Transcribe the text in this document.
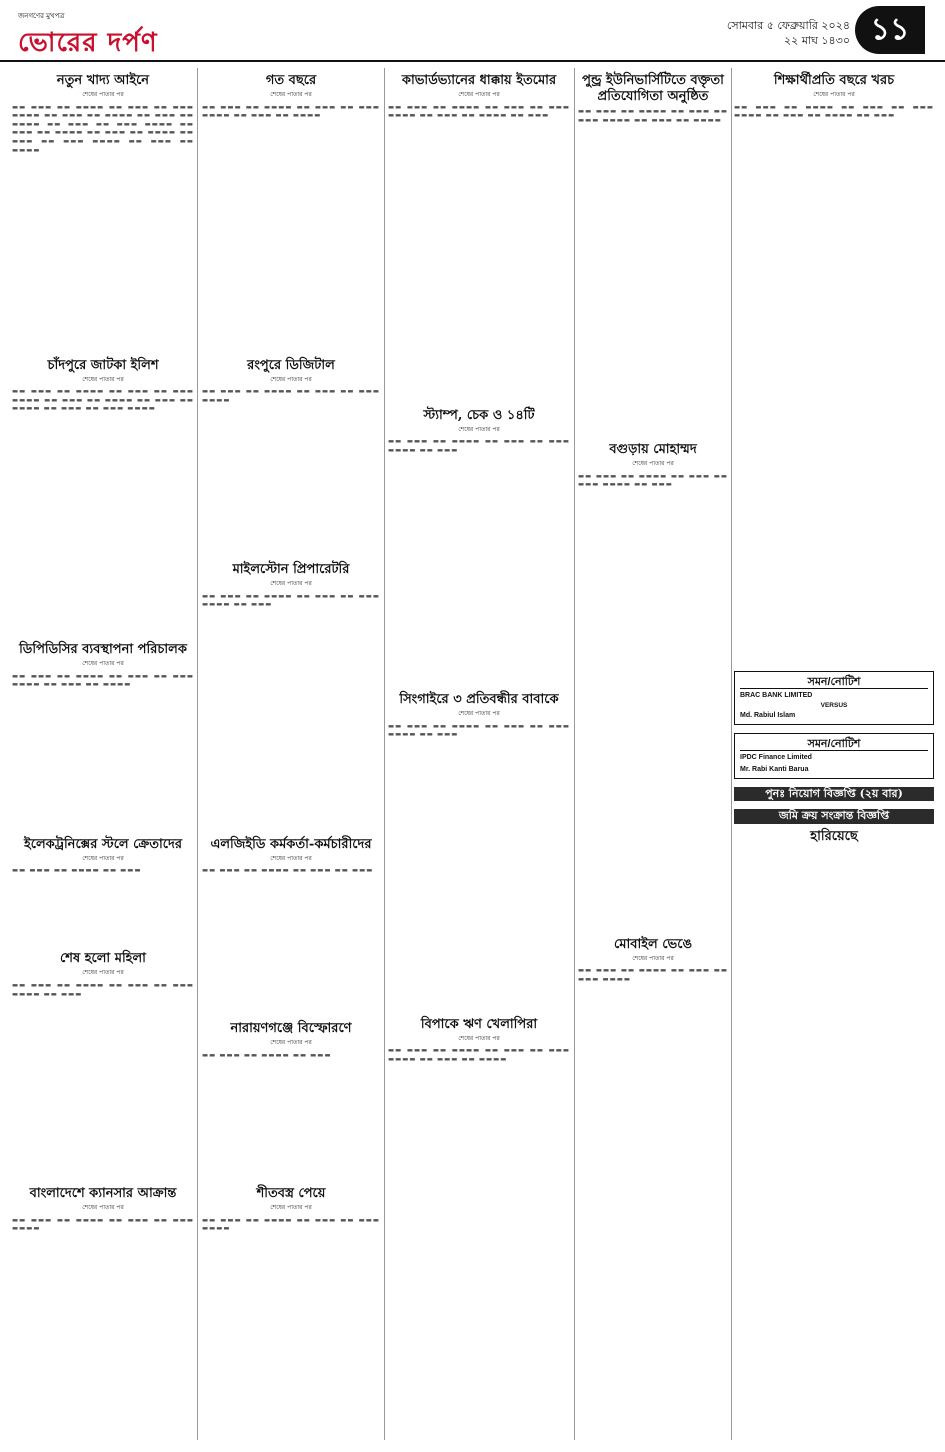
জনগণের মুখপত্র
ভোরের দর্পণ
সোমবার ৫ ফেব্রুয়ারি ২০২৪
২২ মাঘ ১৪৩০ ১১
নতুন খাদ্য আইনে
শেষের পাতার পর

▬▬ ▬▬▬ ▬▬ ▬▬▬▬ ▬▬ ▬▬▬ ▬▬ ▬▬▬ ▬▬▬▬ ▬▬ ▬▬▬ ▬▬ ▬▬▬▬ ▬▬ ▬▬▬ ▬▬ ▬▬▬▬ ▬▬ ▬▬▬ ▬▬ ▬▬▬ ▬▬▬▬ ▬▬ ▬▬▬ ▬▬ ▬▬▬▬ ▬▬ ▬▬▬ ▬▬ ▬▬▬▬ ▬▬ ▬▬▬ ▬▬ ▬▬▬ ▬▬▬▬ ▬▬ ▬▬▬ ▬▬ ▬▬▬▬

চাঁদপুরে জাটকা ইলিশ
শেষের পাতার পর

▬▬ ▬▬▬ ▬▬ ▬▬▬▬ ▬▬ ▬▬▬ ▬▬ ▬▬▬ ▬▬▬▬ ▬▬ ▬▬▬ ▬▬ ▬▬▬▬ ▬▬ ▬▬▬ ▬▬ ▬▬▬▬ ▬▬ ▬▬▬ ▬▬ ▬▬▬ ▬▬▬▬

ডিপিডিসির ব্যবস্থাপনা পরিচালক
শেষের পাতার পর

▬▬ ▬▬▬ ▬▬ ▬▬▬▬ ▬▬ ▬▬▬ ▬▬ ▬▬▬ ▬▬▬▬ ▬▬ ▬▬▬ ▬▬ ▬▬▬▬

ইলেকট্রনিক্সের স্টলে ক্রেতাদের
শেষের পাতার পর

▬▬ ▬▬▬ ▬▬ ▬▬▬▬ ▬▬ ▬▬▬

শেষ হলো মহিলা
শেষের পাতার পর

▬▬ ▬▬▬ ▬▬ ▬▬▬▬ ▬▬ ▬▬▬ ▬▬ ▬▬▬ ▬▬▬▬ ▬▬ ▬▬▬

বাংলাদেশে ক্যানসার আক্রান্ত
শেষের পাতার পর

▬▬ ▬▬▬ ▬▬ ▬▬▬▬ ▬▬ ▬▬▬ ▬▬ ▬▬▬ ▬▬▬▬

গত বছরে
শেষের পাতার পর

▬▬ ▬▬▬ ▬▬ ▬▬▬▬ ▬▬ ▬▬▬ ▬▬ ▬▬▬ ▬▬▬▬ ▬▬ ▬▬▬ ▬▬ ▬▬▬▬

রংপুরে ডিজিটাল
শেষের পাতার পর

▬▬ ▬▬▬ ▬▬ ▬▬▬▬ ▬▬ ▬▬▬ ▬▬ ▬▬▬ ▬▬▬▬

মাইলস্টোন প্রিপারেটরি
শেষের পাতার পর

▬▬ ▬▬▬ ▬▬ ▬▬▬▬ ▬▬ ▬▬▬ ▬▬ ▬▬▬ ▬▬▬▬ ▬▬ ▬▬▬

এলজিইডি কর্মকর্তা-কর্মচারীদের
শেষের পাতার পর

▬▬ ▬▬▬ ▬▬ ▬▬▬▬ ▬▬ ▬▬▬ ▬▬ ▬▬▬

নারায়ণগঞ্জে বিস্ফোরণে
শেষের পাতার পর

▬▬ ▬▬▬ ▬▬ ▬▬▬▬ ▬▬ ▬▬▬

শীতবস্ত্র পেয়ে
শেষের পাতার পর

▬▬ ▬▬▬ ▬▬ ▬▬▬▬ ▬▬ ▬▬▬ ▬▬ ▬▬▬ ▬▬▬▬

কাভার্ডভ্যানের ধাক্কায় ইতমোর
শেষের পাতার পর

▬▬ ▬▬▬ ▬▬ ▬▬▬▬ ▬▬ ▬▬▬ ▬▬ ▬▬▬ ▬▬▬▬ ▬▬ ▬▬▬ ▬▬ ▬▬▬▬ ▬▬ ▬▬▬

স্ট্যাম্প, চেক ও ১৪টি
শেষের পাতার পর

▬▬ ▬▬▬ ▬▬ ▬▬▬▬ ▬▬ ▬▬▬ ▬▬ ▬▬▬ ▬▬▬▬ ▬▬ ▬▬▬

সিংগাইরে ৩ প্রতিবন্ধীর বাবাকে
শেষের পাতার পর

▬▬ ▬▬▬ ▬▬ ▬▬▬▬ ▬▬ ▬▬▬ ▬▬ ▬▬▬ ▬▬▬▬ ▬▬ ▬▬▬

বিপাকে ঋণ খেলাপিরা
শেষের পাতার পর

▬▬ ▬▬▬ ▬▬ ▬▬▬▬ ▬▬ ▬▬▬ ▬▬ ▬▬▬ ▬▬▬▬ ▬▬ ▬▬▬ ▬▬ ▬▬▬▬

পুন্ড্র ইউনিভার্সিটিতে বক্তৃতা প্রতিযোগিতা অনুষ্ঠিত

▬▬ ▬▬▬ ▬▬ ▬▬▬▬ ▬▬ ▬▬▬ ▬▬ ▬▬▬ ▬▬▬▬ ▬▬ ▬▬▬ ▬▬ ▬▬▬▬

বগুড়ায় মোহাম্মদ
শেষের পাতার পর

▬▬ ▬▬▬ ▬▬ ▬▬▬▬ ▬▬ ▬▬▬ ▬▬ ▬▬▬ ▬▬▬▬ ▬▬ ▬▬▬

মোবাইল ভেঙে
শেষের পাতার পর

▬▬ ▬▬▬ ▬▬ ▬▬▬▬ ▬▬ ▬▬▬ ▬▬ ▬▬▬ ▬▬▬▬

শিক্ষার্থীপ্রতি বছরে খরচ
শেষের পাতার পর

▬▬ ▬▬▬ ▬▬ ▬▬▬▬ ▬▬ ▬▬▬ ▬▬ ▬▬▬ ▬▬▬▬ ▬▬ ▬▬▬ ▬▬ ▬▬▬▬ ▬▬ ▬▬▬

সমন/নোটিশ
BRAC BANK LIMITED
VERSUS
Md. Rabiul Islam
সমন/নোটিশ
IPDC Finance Limited
Mr. Rabi Kanti Barua
পুনঃ নিয়োগ বিজ্ঞপ্তি (২য় বার)
জমি ক্রয় সংক্রান্ত বিজ্ঞপ্তি
হারিয়েছে
